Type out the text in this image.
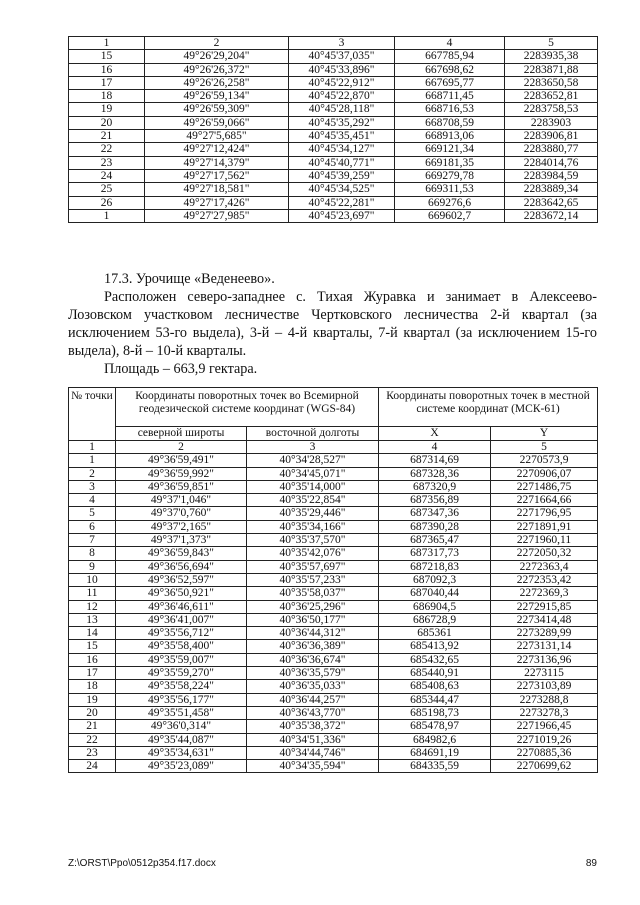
1	2	3	4	5
15	49°26'29,204"	40°45'37,035"	667785,94	2283935,38
16	49°26'26,372"	40°45'33,896"	667698,62	2283871,88
17	49°26'26,258"	40°45'22,912"	667695,77	2283650,58
18	49°26'59,134"	40°45'22,870"	668711,45	2283652,81
19	49°26'59,309"	40°45'28,118"	668716,53	2283758,53
20	49°26'59,066"	40°45'35,292"	668708,59	2283903
21	49°27'5,685"	40°45'35,451"	668913,06	2283906,81
22	49°27'12,424"	40°45'34,127"	669121,34	2283880,77
23	49°27'14,379"	40°45'40,771"	669181,35	2284014,76
24	49°27'17,562"	40°45'39,259"	669279,78	2283984,59
25	49°27'18,581"	40°45'34,525"	669311,53	2283889,34
26	49°27'17,426"	40°45'22,281"	669276,6	2283642,65
1	49°27'27,985"	40°45'23,697"	669602,7	2283672,14

17.3. Урочище «Веденеево».

Расположен северо-западнее с. Тихая Журавка и занимает в Алексеево-Лозовском участковом лесничестве Чертковского лесничества 2-й квартал (за исключением 53-го выдела), 3-й – 4-й кварталы, 7-й квартал (за исключением 15-го выдела), 8-й – 10-й кварталы.

Площадь – 663,9 гектара.

№ точки	Координаты поворотных точек во Всемирной геодезической системе координат (WGS-84)		Координаты поворотных точек в местной системе координат (МСК-61)	
	северной широты	восточной долготы	X	Y
1	2	3	4	5
1	49°36'59,491"	40°34'28,527"	687314,69	2270573,9
2	49°36'59,992"	40°34'45,071"	687328,36	2270906,07
3	49°36'59,851"	40°35'14,000"	687320,9	2271486,75
4	49°37'1,046"	40°35'22,854"	687356,89	2271664,66
5	49°37'0,760"	40°35'29,446"	687347,36	2271796,95
6	49°37'2,165"	40°35'34,166"	687390,28	2271891,91
7	49°37'1,373"	40°35'37,570"	687365,47	2271960,11
8	49°36'59,843"	40°35'42,076"	687317,73	2272050,32
9	49°36'56,694"	40°35'57,697"	687218,83	2272363,4
10	49°36'52,597"	40°35'57,233"	687092,3	2272353,42
11	49°36'50,921"	40°35'58,037"	687040,44	2272369,3
12	49°36'46,611"	40°36'25,296"	686904,5	2272915,85
13	49°36'41,007"	40°36'50,177"	686728,9	2273414,48
14	49°35'56,712"	40°36'44,312"	685361	2273289,99
15	49°35'58,400"	40°36'36,389"	685413,92	2273131,14
16	49°35'59,007"	40°36'36,674"	685432,65	2273136,96
17	49°35'59,270"	40°36'35,579"	685440,91	2273115
18	49°35'58,224"	40°36'35,033"	685408,63	2273103,89
19	49°35'56,177"	40°36'44,257"	685344,47	2273288,8
20	49°35'51,458"	40°36'43,770"	685198,73	2273278,3
21	49°36'0,314"	40°35'38,372"	685478,97	2271966,45
22	49°35'44,087"	40°34'51,336"	684982,6	2271019,26
23	49°35'34,631"	40°34'44,746"	684691,19	2270885,36
24	49°35'23,089"	40°34'35,594"	684335,59	2270699,62
Z:\ORST\Ppo\0512p354.f17.docx	89
